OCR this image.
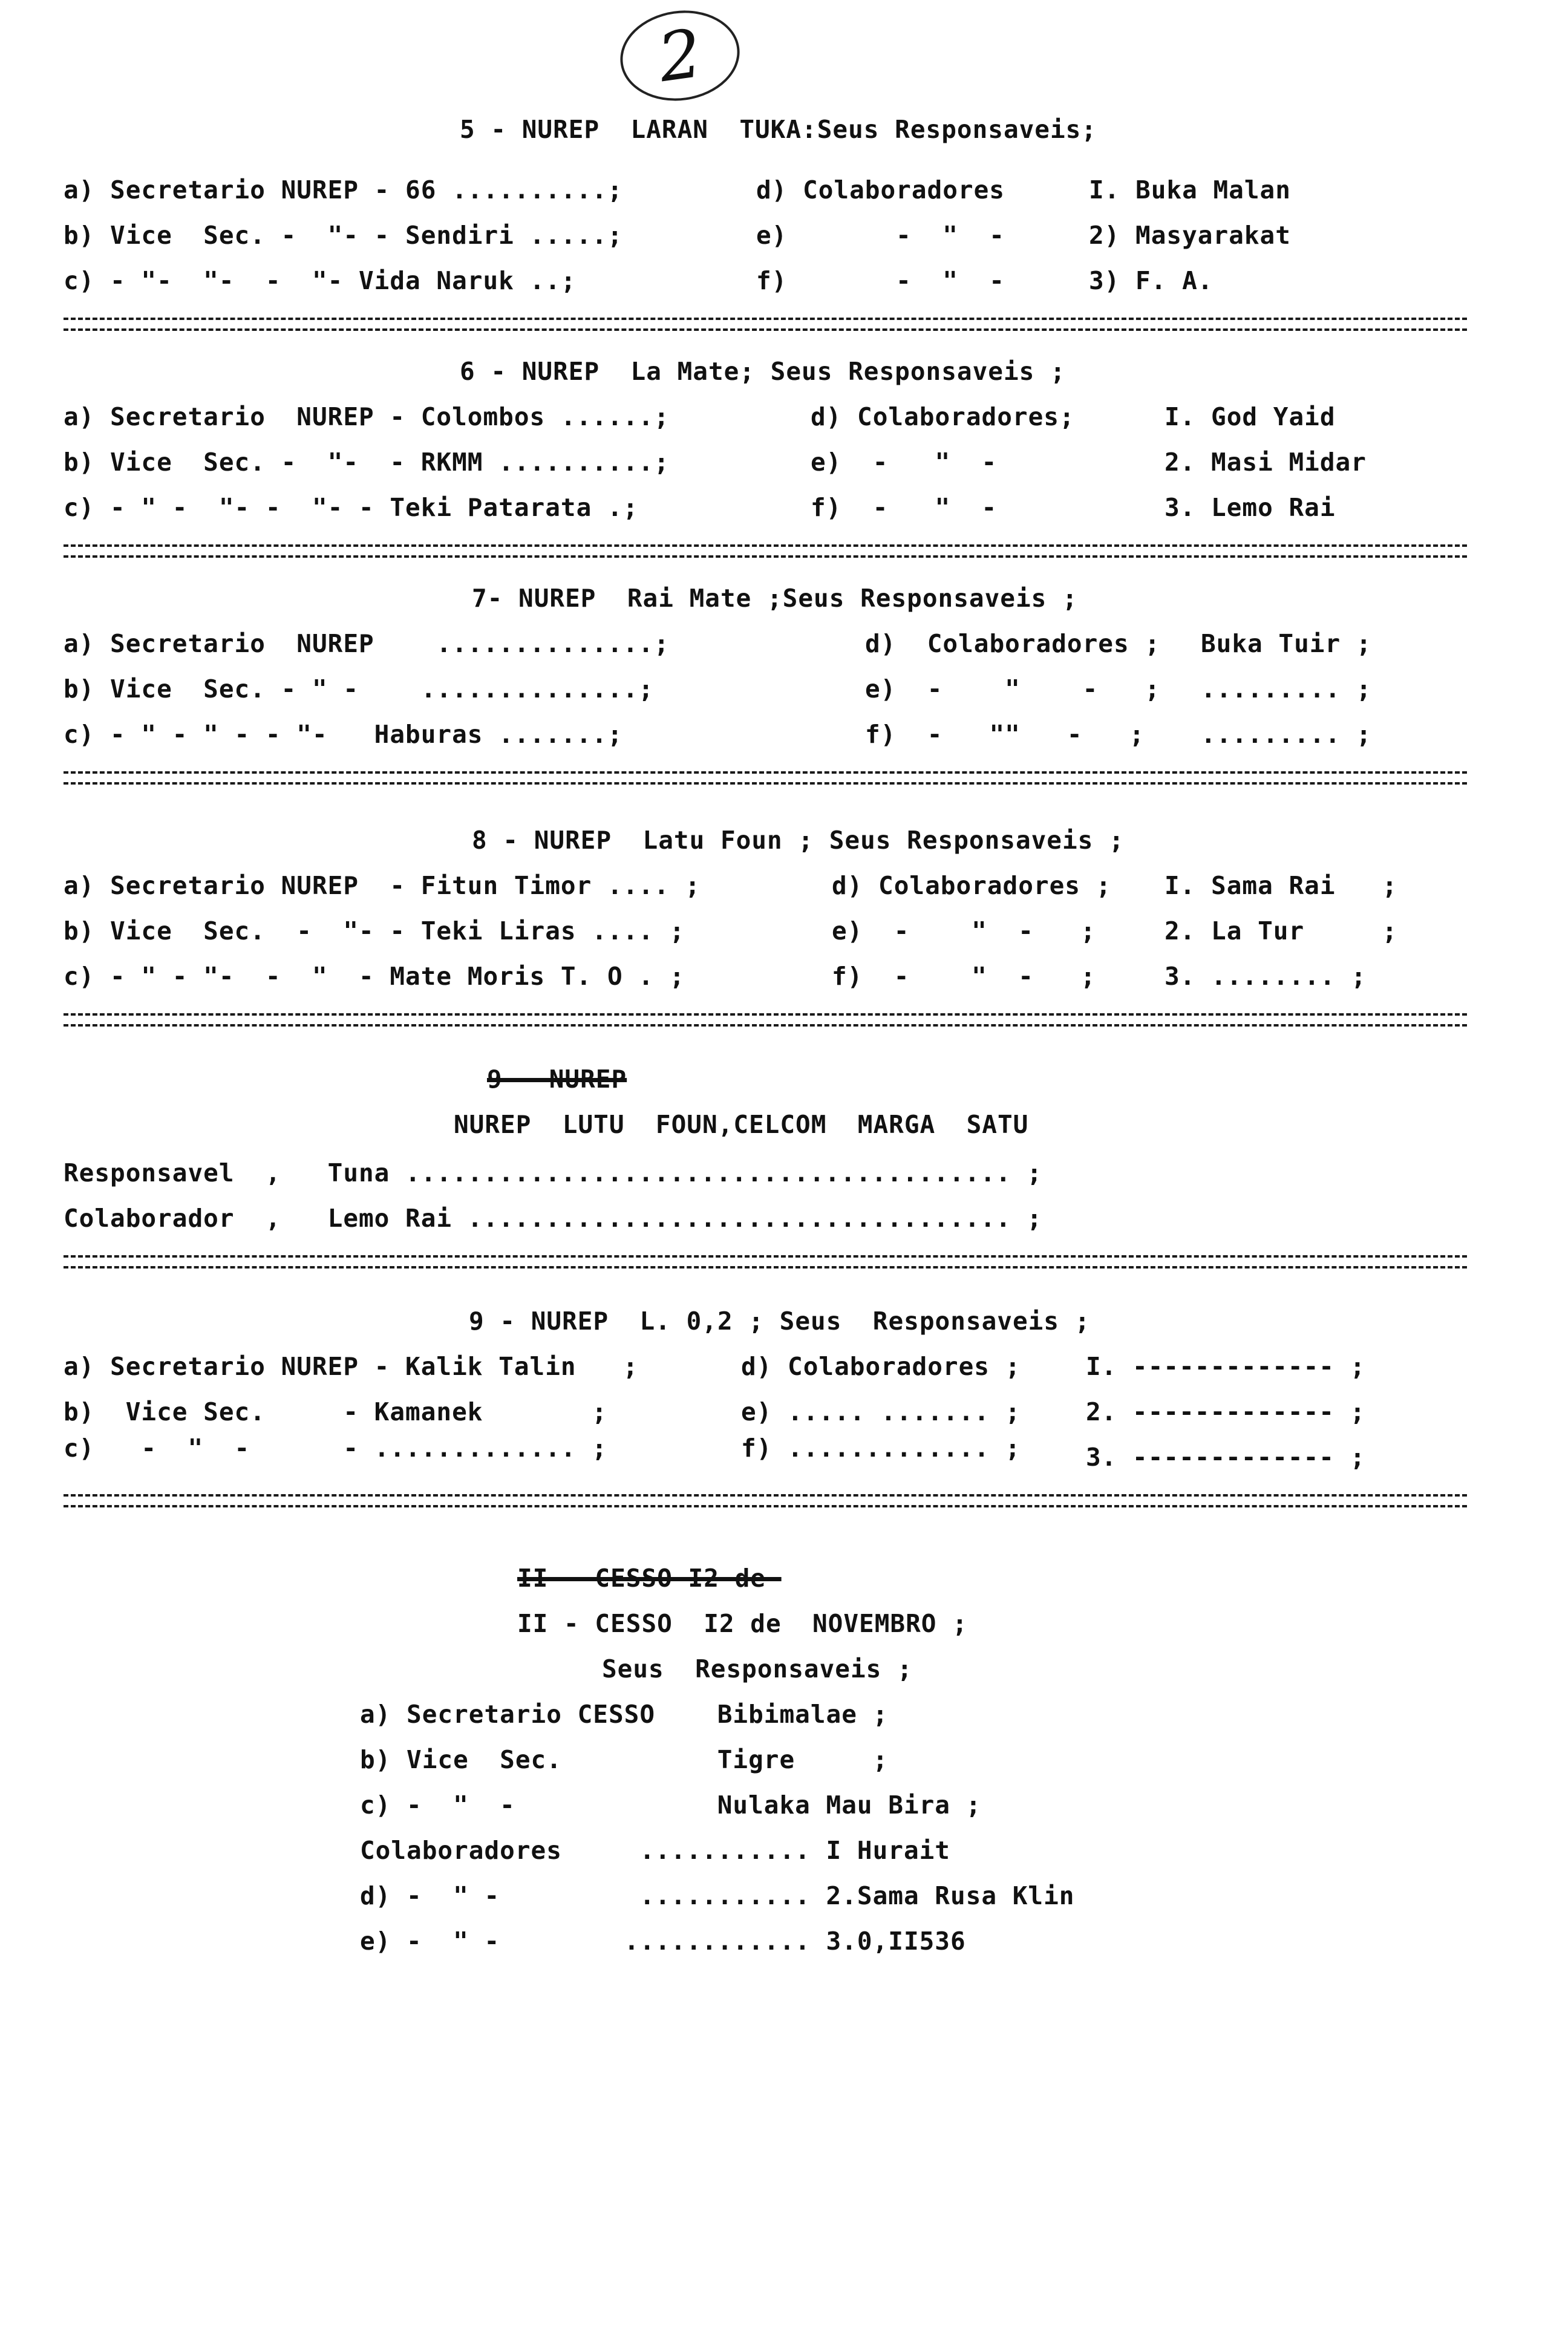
2
5 - NUREP  LARAN  TUKA:Seus Responsaveis;
a) Secretario NUREP - 66 ..........;
b) Vice  Sec. -  "- - Sendiri .....;
c) - "-  "-  -  "- Vida Naruk ..;
d) Colaboradores
e)       -  "  -
f)       -  "  -
I. Buka Malan
2) Masyarakat
3) F. A.
6 - NUREP  La Mate; Seus Responsaveis ;
a) Secretario  NUREP - Colombos ......;
b) Vice  Sec. -  "-  - RKMM ..........;
c) - " -  "- -  "- - Teki Patarata .;
d) Colaboradores;
e)  -   "  -
f)  -   "  -
I. God Yaid
2. Masi Midar
3. Lemo Rai
7- NUREP  Rai Mate ;Seus Responsaveis ;
a) Secretario  NUREP    ..............;
b) Vice  Sec. - " -    ..............;
c) - " - " - - "-   Haburas .......;
d)  Colaboradores ;
e)  -    "    -   ;
f)  -   ""   -   ;
Buka Tuir ;
......... ;
......... ;
8 - NUREP  Latu Foun ; Seus Responsaveis ;
a) Secretario NUREP  - Fitun Timor .... ;
b) Vice  Sec.  -  "- - Teki Liras .... ;
c) - " - "-  -  "  - Mate Moris T. O . ;
d) Colaboradores ;
e)  -    "  -   ;
f)  -    "  -   ;
I. Sama Rai   ;
2. La Tur     ;
3. ........ ;
9---NUREP
NUREP  LUTU  FOUN,CELCOM  MARGA  SATU
Responsavel  ,   Tuna ....................................... ;
Colaborador  ,   Lemo Rai ................................... ;
9 - NUREP  L. 0,2 ; Seus  Responsaveis ;
a) Secretario NUREP - Kalik Talin   ;
b)  Vice Sec.     - Kamanek       ;
c)   -  "  -      - ............. ;
d) Colaboradores ;
e) ..... ....... ;
f) ............. ;
I. ------------- ;
2. ------------- ;
3. ------------- ;
II---CESSO-I2-de-
II - CESSO  I2 de  NOVEMBRO ;
Seus  Responsaveis ;
a) Secretario CESSO    Bibimalae ;
b) Vice  Sec.          Tigre     ;
c) -  "  -             Nulaka Mau Bira ;
Colaboradores     ........... I Hurait
d) -  " -         ........... 2.Sama Rusa Klin
e) -  " -        ............ 3.0,II536
